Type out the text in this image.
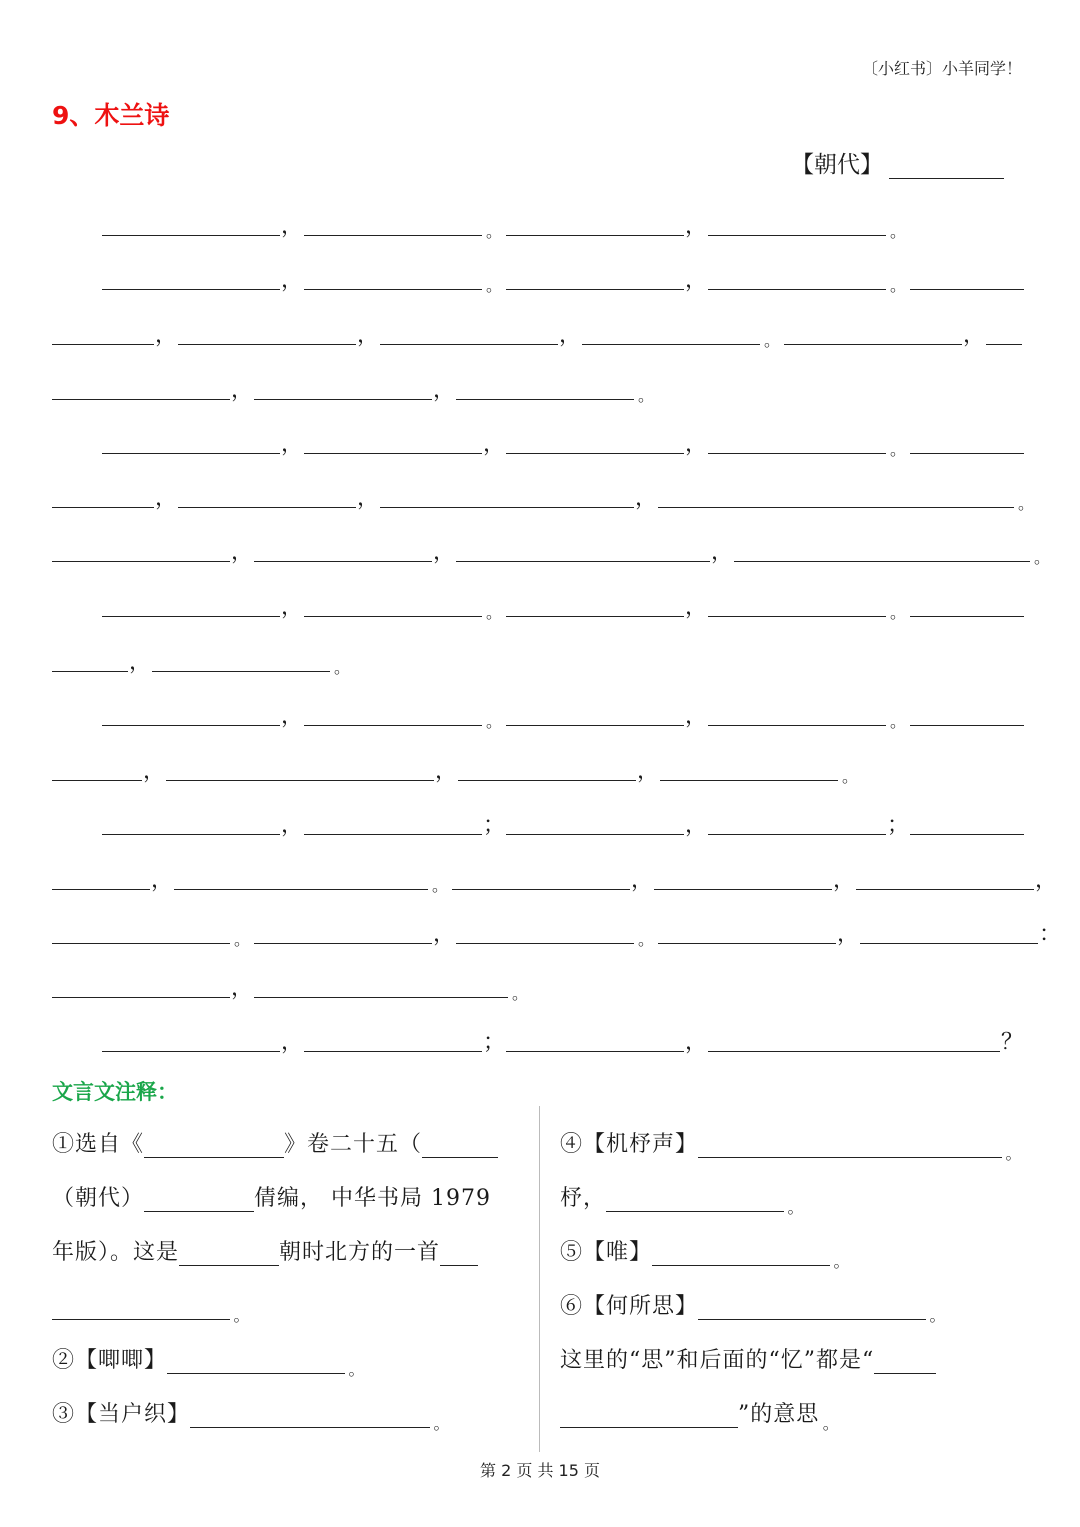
〔小红书〕小羊同学！
9、木兰诗
【朝代】
，	。	，	。
，	。	，	。
，	，	，	。	，
，	，	。
，	，	，	。
，	，	，	。
，	，	，	。
，	。	，	。
，	。
，	。	，	。
，	，	，	。
，	；	，	；
，	。	，	，	，
。	，	。	，	：
，	。
，	；	，	？
文言文注释：
①选自《	》卷二十五（
（朝代）	倩编， 中华书局 1979
年版）。这是	朝时北方的一首
。
②【唧唧】	。
③【当户织】	。
④【机杼声】	。
杼，	。
⑤【唯】	。
⑥【何所思】	。
这里的“思”和后面的“忆”都是“
”的意思 。
第 2 页 共 15 页
